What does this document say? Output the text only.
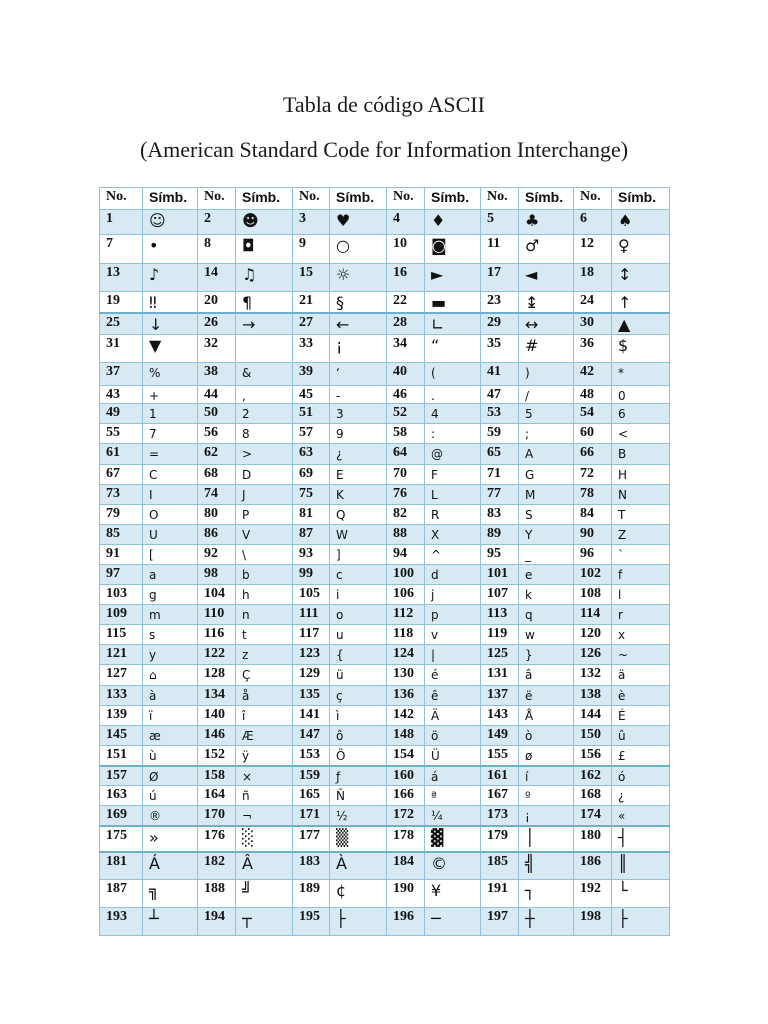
Tabla de código ASCII
(American Standard Code for Information Interchange)
No.	Símb.	No.	Símb.	No.	Símb.	No.	Símb.	No.	Símb.	No.	Símb.
1	☺	2	☻	3	♥	4	♦	5	♣	6	♠
7	•	8	◘	9	○	10	◙	11	♂	12	♀
13	♪	14	♫	15	☼	16	►	17	◄	18	↕
19	‼	20	¶	21	§	22	▬	23	↨	24	↑
25	↓	26	→	27	←	28	∟	29	↔	30	▲
31	▼	32		33	¡	34	“	35	#	36	$
37	%	38	&	39	‘	40	(	41	)	42	*
43	+	44	,	45	-	46	.	47	/	48	0
49	1	50	2	51	3	52	4	53	5	54	6
55	7	56	8	57	9	58	:	59	;	60	<
61	=	62	>	63	¿	64	@	65	A	66	B
67	C	68	D	69	E	70	F	71	G	72	H
73	I	74	J	75	K	76	L	77	M	78	N
79	O	80	P	81	Q	82	R	83	S	84	T
85	U	86	V	87	W	88	X	89	Y	90	Z
91	[	92	\	93	]	94	^	95	_	96	`
97	a	98	b	99	c	100	d	101	e	102	f
103	g	104	h	105	i	106	j	107	k	108	l
109	m	110	n	111	o	112	p	113	q	114	r
115	s	116	t	117	u	118	v	119	w	120	x
121	y	122	z	123	{	124	|	125	}	126	~
127	⌂	128	Ç	129	ü	130	é	131	â	132	ä
133	à	134	å	135	ç	136	ê	137	ë	138	è
139	ï	140	î	141	ì	142	Ä	143	Å	144	É
145	æ	146	Æ	147	ô	148	ö	149	ò	150	û
151	ù	152	ÿ	153	Ö	154	Ü	155	ø	156	£
157	Ø	158	×	159	ƒ	160	á	161	í	162	ó
163	ú	164	ñ	165	Ñ	166	ª	167	º	168	¿
169	®	170	¬	171	½	172	¼	173	¡	174	«
175	»	176	░	177	▒	178	▓	179	│	180	┤
181	Á	182	Â	183	À	184	©	185	╣	186	║
187	╗	188	╝	189	¢	190	¥	191	┐	192	└
193	┴	194	┬	195	├	196	─	197	┼	198	├
